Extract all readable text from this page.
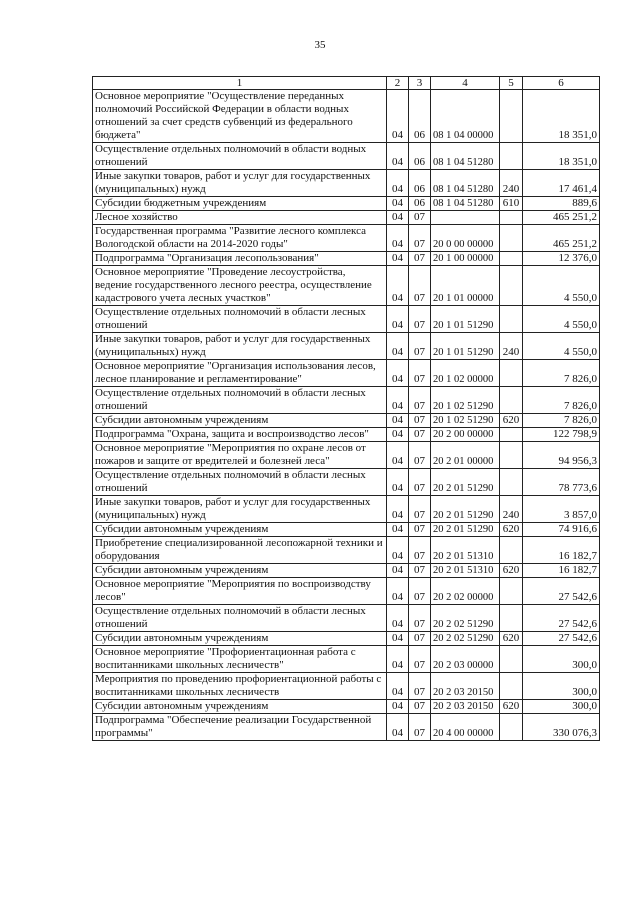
35
1	2	3	4	5	6
Основное мероприятие "Осуществление переданных полномочий Российской Федерации в области водных отношений за счет средств субвенций из федерального бюджета"	04	06	08 1 04 00000		18 351,0
Осуществление отдельных полномочий в области водных отношений	04	06	08 1 04 51280		18 351,0
Иные закупки товаров, работ и услуг для государственных (муниципальных) нужд	04	06	08 1 04 51280	240	17 461,4
Субсидии бюджетным учреждениям	04	06	08 1 04 51280	610	889,6
Лесное хозяйство	04	07			465 251,2
Государственная программа "Развитие лесного комплекса Вологодской области на 2014-2020 годы"	04	07	20 0 00 00000		465 251,2
Подпрограмма "Организация лесопользования"	04	07	20 1 00 00000		12 376,0
Основное мероприятие "Проведение лесоустройства, ведение государственного лесного реестра, осуществление кадастрового учета лесных участков"	04	07	20 1 01 00000		4 550,0
Осуществление отдельных полномочий в области лесных отношений	04	07	20 1 01 51290		4 550,0
Иные закупки товаров, работ и услуг для государственных (муниципальных) нужд	04	07	20 1 01 51290	240	4 550,0
Основное мероприятие "Организация использования лесов, лесное планирование и регламентирование"	04	07	20 1 02 00000		7 826,0
Осуществление отдельных полномочий в области лесных отношений	04	07	20 1 02 51290		7 826,0
Субсидии автономным учреждениям	04	07	20 1 02 51290	620	7 826,0
Подпрограмма "Охрана, защита и воспроизводство лесов"	04	07	20 2 00 00000		122 798,9
Основное мероприятие "Мероприятия по охране лесов от пожаров и защите от вредителей и болезней леса"	04	07	20 2 01 00000		94 956,3
Осуществление отдельных полномочий в области лесных отношений	04	07	20 2 01 51290		78 773,6
Иные закупки товаров, работ и услуг для государственных (муниципальных) нужд	04	07	20 2 01 51290	240	3 857,0
Субсидии автономным учреждениям	04	07	20 2 01 51290	620	74 916,6
Приобретение специализированной лесопожарной техники и оборудования	04	07	20 2 01 51310		16 182,7
Субсидии автономным учреждениям	04	07	20 2 01 51310	620	16 182,7
Основное мероприятие "Мероприятия по воспроизводству лесов"	04	07	20 2 02 00000		27 542,6
Осуществление отдельных полномочий в области лесных отношений	04	07	20 2 02 51290		27 542,6
Субсидии автономным учреждениям	04	07	20 2 02 51290	620	27 542,6
Основное мероприятие "Профориентационная работа с воспитанниками школьных лесничеств"	04	07	20 2 03 00000		300,0
Мероприятия по проведению профориентационной работы с воспитанниками школьных лесничеств	04	07	20 2 03 20150		300,0
Субсидии автономным учреждениям	04	07	20 2 03 20150	620	300,0
Подпрограмма "Обеспечение реализации Государственной программы"	04	07	20 4 00 00000		330 076,3
